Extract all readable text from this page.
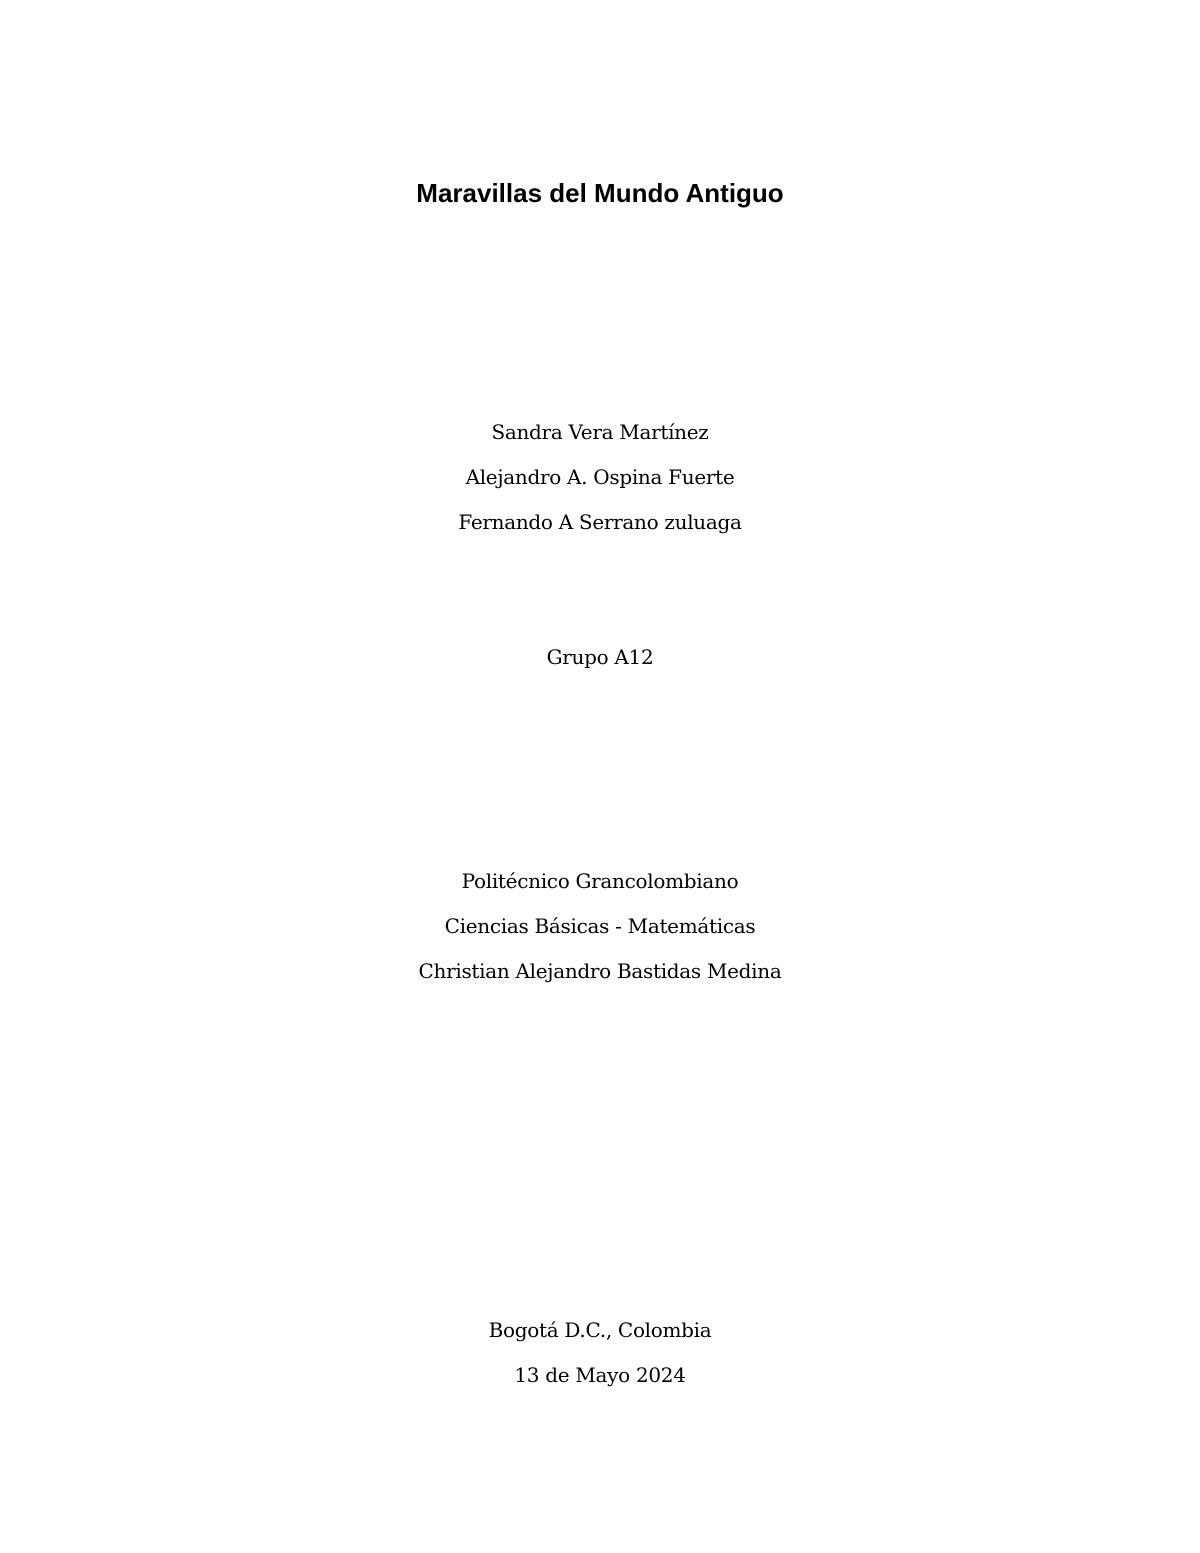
Maravillas del Mundo Antiguo

Sandra Vera Martínez

Alejandro A. Ospina Fuerte

Fernando A Serrano zuluaga

Grupo A12

Politécnico Grancolombiano

Ciencias Básicas - Matemáticas

Christian Alejandro Bastidas Medina

Bogotá D.C., Colombia

13 de Mayo 2024
